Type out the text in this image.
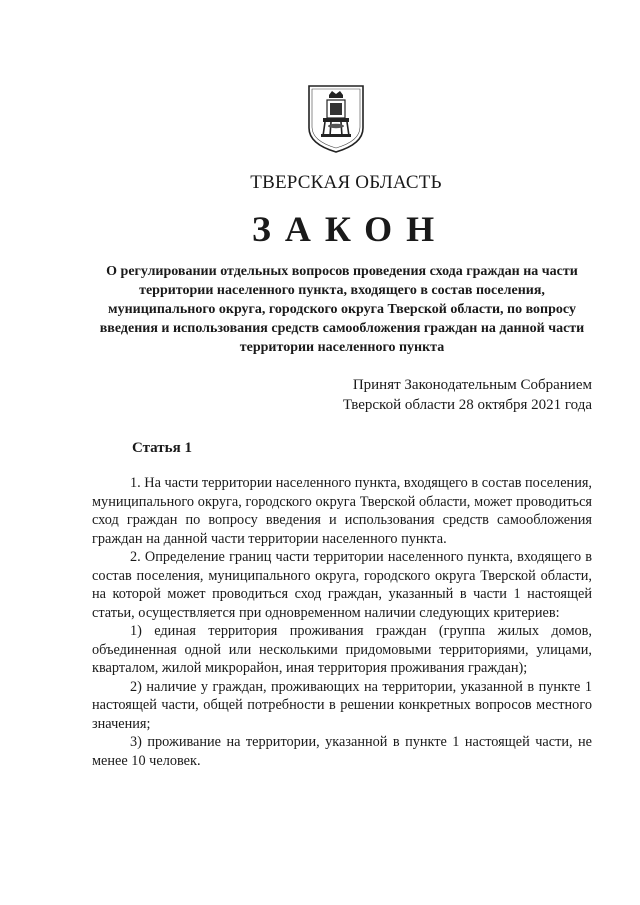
ТВЕРСКАЯ ОБЛАСТЬ
ЗАКОН
О регулировании отдельных вопросов проведения схода граждан на части территории населенного пункта, входящего в состав поселения, муниципального округа, городского округа Тверской области, по вопросу введения и использования средств самообложения граждан на данной части территории населенного пункта
Принят Законодательным Собранием
Тверской области 28 октября 2021 года
Статья 1

1. На части территории населенного пункта, входящего в состав поселения, муниципального округа, городского округа Тверской области, может проводиться сход граждан по вопросу введения и использования средств самообложения граждан на данной части территории населенного пункта.

2. Определение границ части территории населенного пункта, входящего в состав поселения, муниципального округа, городского округа Тверской области, на которой может проводиться сход граждан, указанный в части 1 настоящей статьи, осуществляется при одновременном наличии следующих критериев:

1) единая территория проживания граждан (группа жилых домов, объединенная одной или несколькими придомовыми территориями, улицами, кварталом, жилой микрорайон, иная территория проживания граждан);

2) наличие у граждан, проживающих на территории, указанной в пункте 1 настоящей части, общей потребности в решении конкретных вопросов местного значения;

3) проживание на территории, указанной в пункте 1 настоящей части, не менее 10 человек.
